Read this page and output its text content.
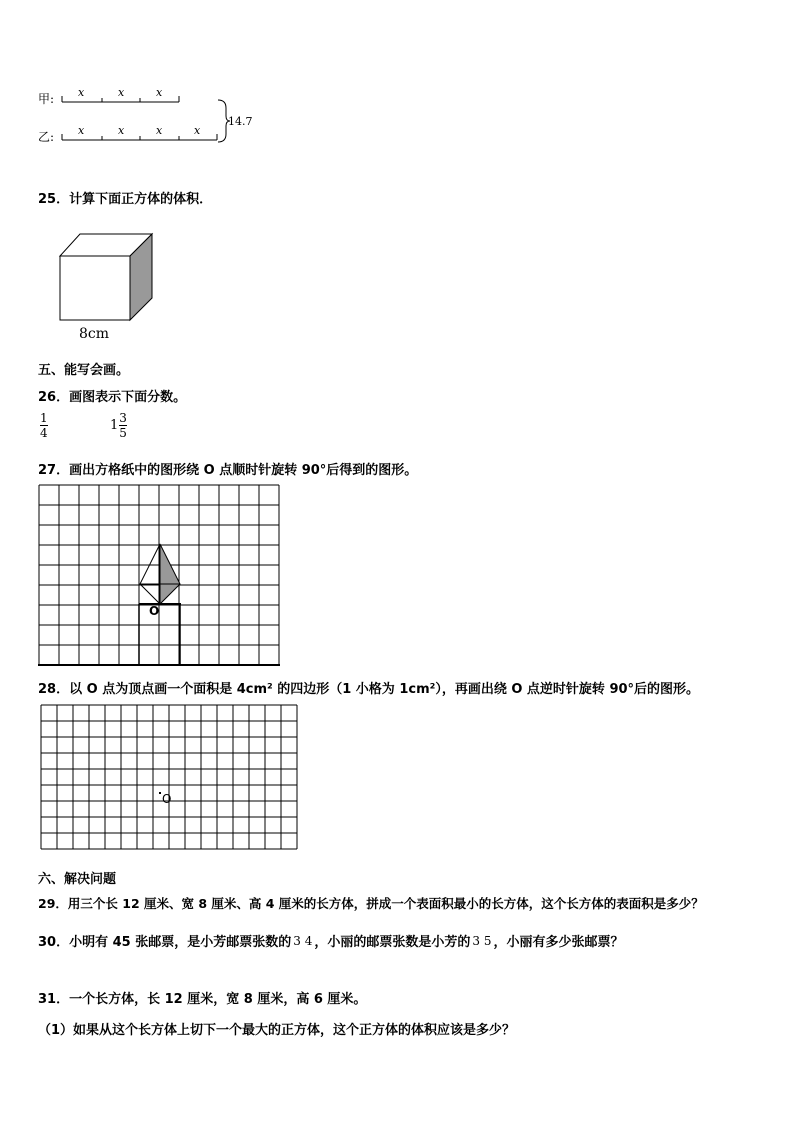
甲:
乙:
x	x	x
x	x	x	x
14.7
25．计算下面正方体的体积．
8cm
五、能写会画。
26．画图表示下面分数。
1
4	$1 \frac{3}{5}$
27．画出方格纸中的图形绕 O 点顺时针旋转 90°后得到的图形。
O
28．以 O 点为顶点画一个面积是 4cm² 的四边形（1 小格为 1cm²），再画出绕 O 点逆时针旋转 90°后的图形。
O
六、解决问题
29．用三个长 12 厘米、宽 8 厘米、高 4 厘米的长方体，拼成一个表面积最小的长方体，这个长方体的表面积是多少？
30．小明有 45 张邮票，是小芳邮票张数的 3 4 ，小丽的邮票张数是小芳的 3 5 ，小丽有多少张邮票？
31．一个长方体，长 12 厘米，宽 8 厘米，高 6 厘米。
（1）如果从这个长方体上切下一个最大的正方体，这个正方体的体积应该是多少？
